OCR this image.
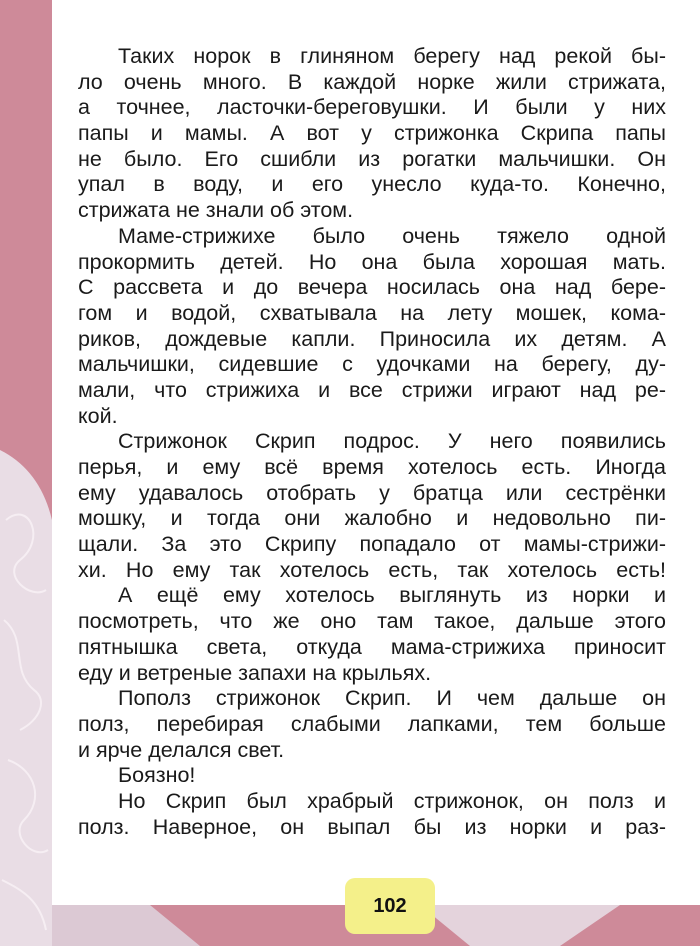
Таких норок в глиняном берегу над рекой бы-
ло очень много. В каждой норке жили стрижата,
а точнее, ласточки-береговушки. И были у них
папы и мамы. А вот у стрижонка Скрипа папы
не было. Его сшибли из рогатки мальчишки. Он
упал в воду, и его унесло куда-то. Конечно,
стрижата не знали об этом.
Маме-стрижихе было очень тяжело одной
прокормить детей. Но она была хорошая мать.
С рассвета и до вечера носилась она над бере-
гом и водой, схватывала на лету мошек, кома-
риков, дождевые капли. Приносила их детям. А
мальчишки, сидевшие с удочками на берегу, ду-
мали, что стрижиха и все стрижи играют над ре-
кой.
Стрижонок Скрип подрос. У него появились
перья, и ему всё время хотелось есть. Иногда
ему удавалось отобрать у братца или сестрёнки
мошку, и тогда они жалобно и недовольно пи-
щали. За это Скрипу попадало от мамы-стрижи-
хи. Но ему так хотелось есть, так хотелось есть!
А ещё ему хотелось выглянуть из норки и
посмотреть, что же оно там такое, дальше этого
пятнышка света, откуда мама-стрижиха приносит
еду и ветреные запахи на крыльях.
Пополз стрижонок Скрип. И чем дальше он
полз, перебирая слабыми лапками, тем больше
и ярче делался свет.
Боязно!
Но Скрип был храбрый стрижонок, он полз и
полз. Наверное, он выпал бы из норки и раз-
102
